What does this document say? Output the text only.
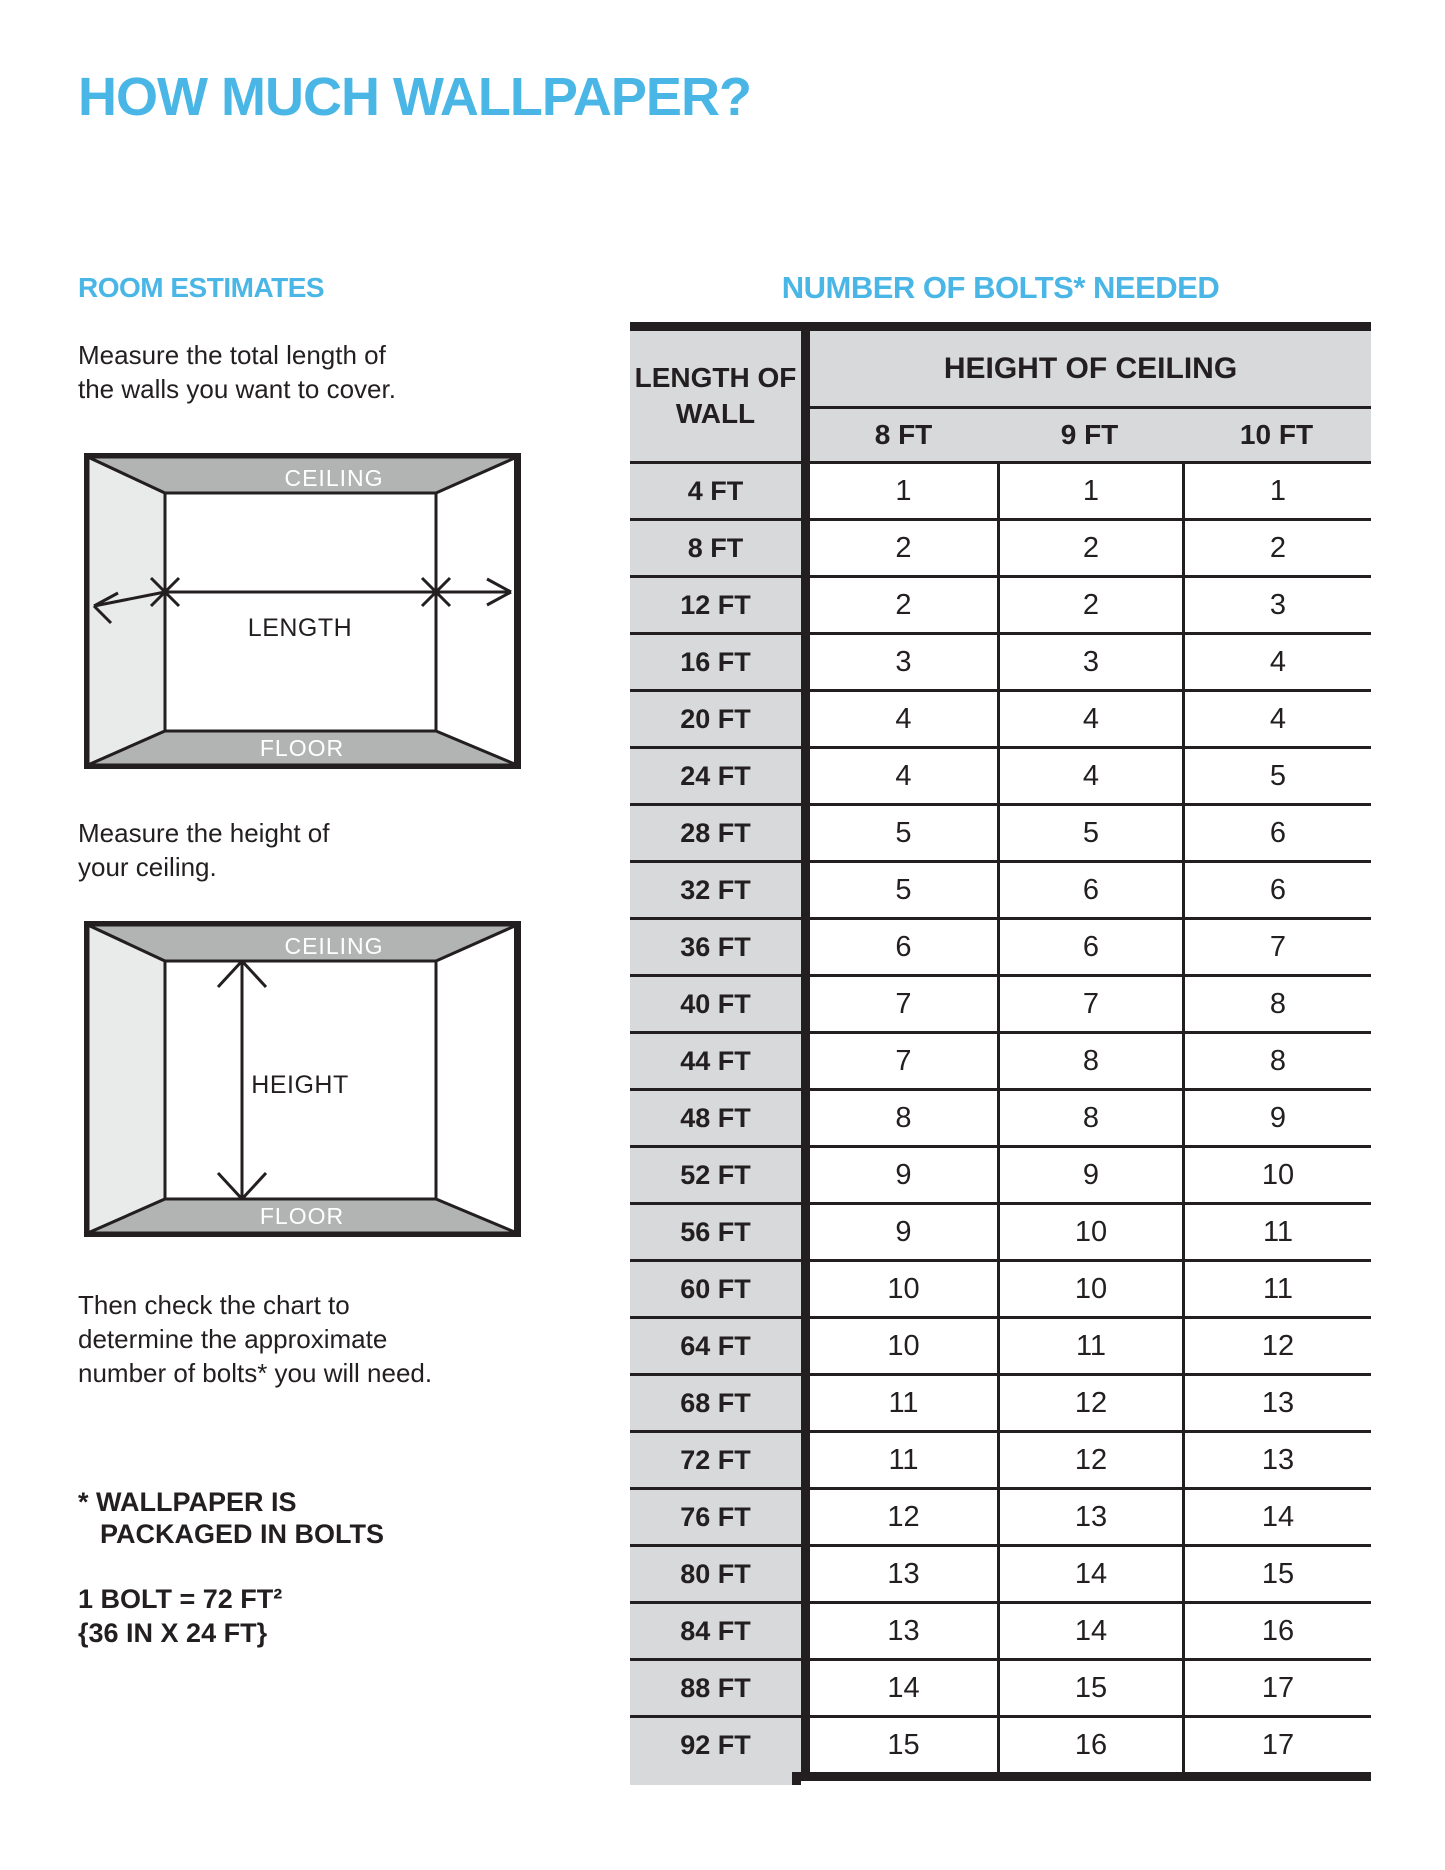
HOW MUCH WALLPAPER?
ROOM ESTIMATES	NUMBER OF BOLTS* NEEDED
Measure the total length of
the walls you want to cover.
CEILING
FLOOR
LENGTH
Measure the height of
your ceiling.
CEILING
FLOOR
HEIGHT
Then check the chart to
determine the approximate
number of bolts* you will need.
* WALLPAPER IS
PACKAGED IN BOLTS
1 BOLT = 72 FT²
{36 IN X 24 FT}
LENGTH OF WALL
HEIGHT OF CEILING
8 FT	9 FT	10 FT
4 FT	1	1	1
8 FT	2	2	2
12 FT	2	2	3
16 FT	3	3	4
20 FT	4	4	4
24 FT	4	4	5
28 FT	5	5	6
32 FT	5	6	6
36 FT	6	6	7
40 FT	7	7	8
44 FT	7	8	8
48 FT	8	8	9
52 FT	9	9	10
56 FT	9	10	11
60 FT	10	10	11
64 FT	10	11	12
68 FT	11	12	13
72 FT	11	12	13
76 FT	12	13	14
80 FT	13	14	15
84 FT	13	14	16
88 FT	14	15	17
92 FT	15	16	17
